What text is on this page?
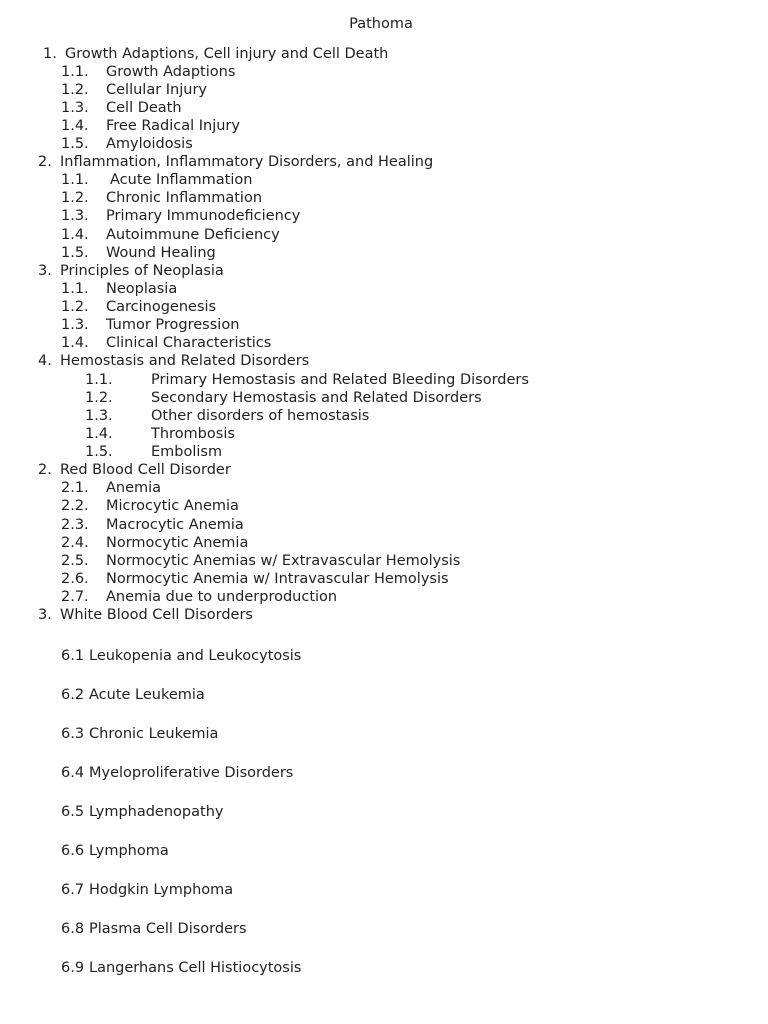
Pathoma
1. Growth Adaptions, Cell injury and Cell Death
1.1. Growth Adaptions
1.2. Cellular Injury
1.3. Cell Death
1.4. Free Radical Injury
1.5. Amyloidosis
2. Inflammation, Inflammatory Disorders, and Healing
1.1. Acute Inflammation
1.2. Chronic Inflammation
1.3. Primary Immunodeficiency
1.4. Autoimmune Deficiency
1.5. Wound Healing
3. Principles of Neoplasia
1.1. Neoplasia
1.2. Carcinogenesis
1.3. Tumor Progression
1.4. Clinical Characteristics
4. Hemostasis and Related Disorders
1.1.	Primary Hemostasis and Related Bleeding Disorders
1.2.	Secondary Hemostasis and Related Disorders
1.3.	Other disorders of hemostasis
1.4.	Thrombosis
1.5.	Embolism
2. Red Blood Cell Disorder
2.1. Anemia
2.2. Microcytic Anemia
2.3. Macrocytic Anemia
2.4. Normocytic Anemia
2.5. Normocytic Anemias w/ Extravascular Hemolysis
2.6. Normocytic Anemia w/ Intravascular Hemolysis
2.7. Anemia due to underproduction
3. White Blood Cell Disorders
6.1 Leukopenia and Leukocytosis
6.2 Acute Leukemia
6.3 Chronic Leukemia
6.4 Myeloproliferative Disorders
6.5 Lymphadenopathy
6.6 Lymphoma
6.7 Hodgkin Lymphoma
6.8 Plasma Cell Disorders
6.9 Langerhans Cell Histiocytosis
